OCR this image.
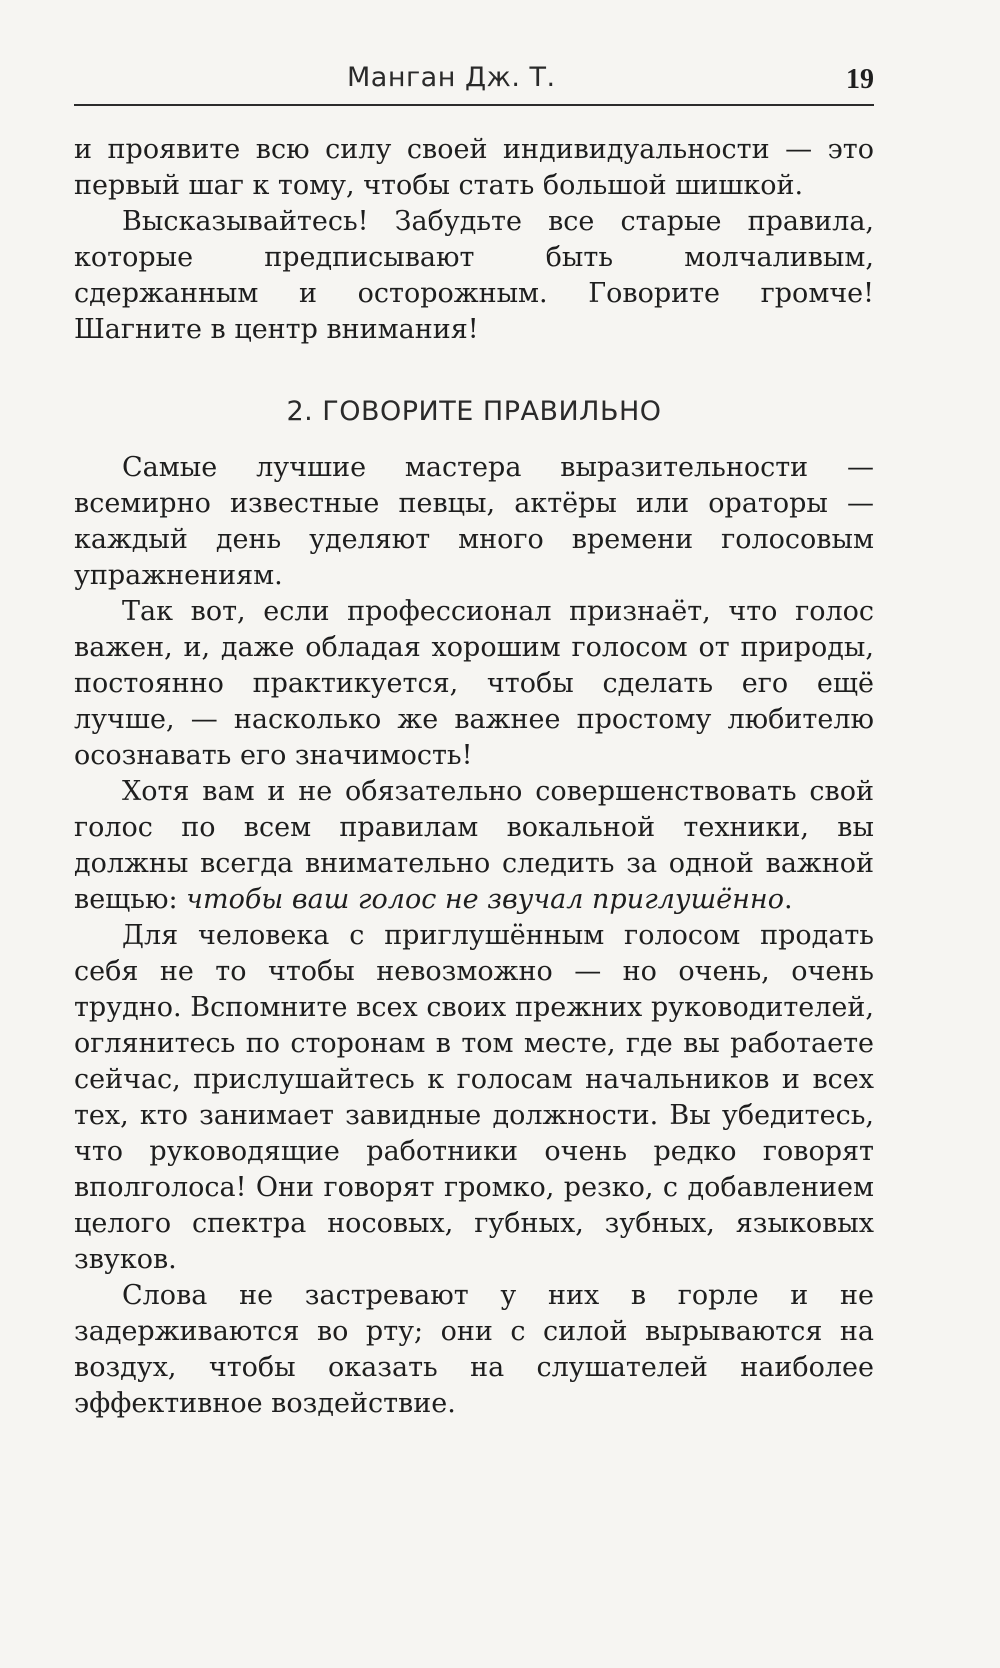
Манган Дж. Т.	19

и проявите всю силу своей индивидуальности — это первый шаг к тому, чтобы стать большой шишкой.

Высказывайтесь! Забудьте все старые правила, которые предписывают быть молчаливым, сдержанным и осторожным. Говорите громче! Шагните в центр внимания!

2. ГОВОРИТЕ ПРАВИЛЬНО

Самые лучшие мастера выразительности — всемирно известные певцы, актёры или ораторы — каждый день уделяют много времени голосовым упражнениям.

Так вот, если профессионал признаёт, что голос важен, и, даже обладая хорошим голосом от природы, постоянно практикуется, чтобы сделать его ещё лучше, — насколько же важнее простому любителю осознавать его значимость!

Хотя вам и не обязательно совершенствовать свой голос по всем правилам вокальной техники, вы должны всегда внимательно следить за одной важной вещью: чтобы ваш голос не звучал приглушённо.

Для человека с приглушённым голосом продать себя не то чтобы невозможно — но очень, очень трудно. Вспомните всех своих прежних руководителей, оглянитесь по сторонам в том месте, где вы работаете сейчас, прислушайтесь к голосам начальников и всех тех, кто занимает завидные должности. Вы убедитесь, что руководящие работники очень редко говорят вполголоса! Они говорят громко, резко, с добавлением целого спектра носовых, губных, зубных, языковых звуков.

Слова не застревают у них в горле и не задерживаются во рту; они с силой вырываются на воздух, чтобы оказать на слушателей наиболее эффективное воздействие.
